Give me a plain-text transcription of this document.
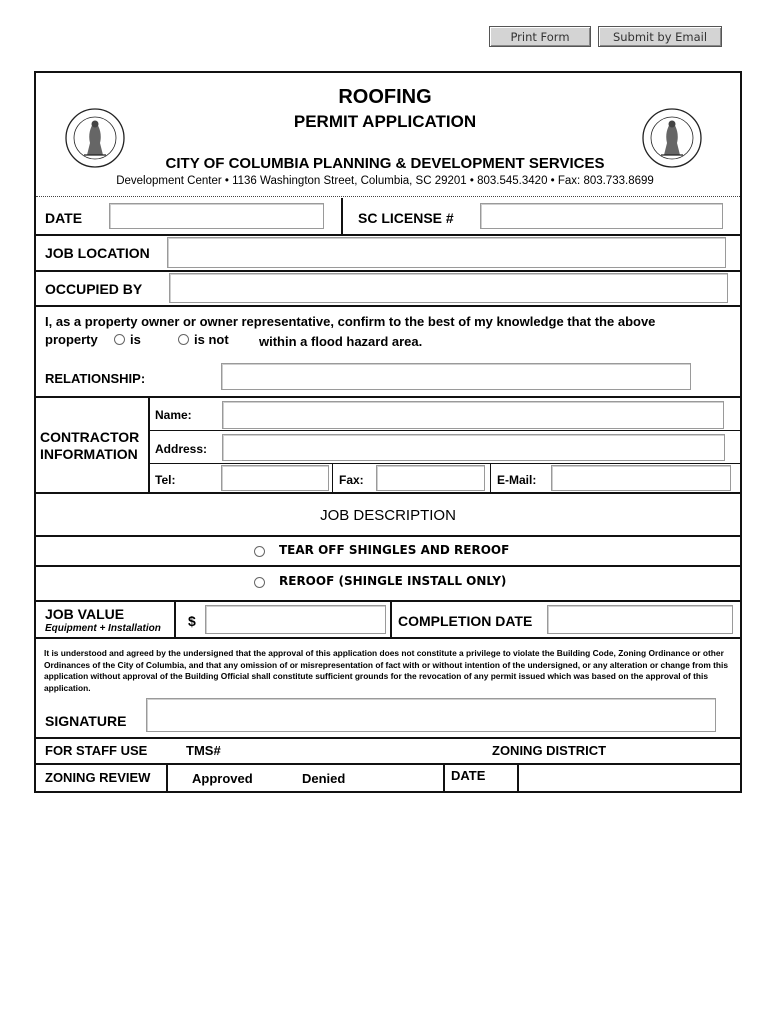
Print Form	Submit by Email
ROOFING
PERMIT APPLICATION
CITY OF COLUMBIA PLANNING & DEVELOPMENT SERVICES
Development Center • 1136 Washington Street, Columbia, SC 29201 • 803.545.3420 • Fax: 803.733.8699
DATE	SC LICENSE #
JOB LOCATION
OCCUPIED BY
I, as a property owner or owner representative, confirm to the best of my knowledge that the above
property is	is not within a flood hazard area.
RELATIONSHIP:
CONTRACTOR
INFORMATION
Name:
Address:
Tel:	Fax:	E-Mail:
JOB DESCRIPTION
TEAR OFF SHINGLES AND REROOF
REROOF (SHINGLE INSTALL ONLY)
JOB VALUE
Equipment + Installation $	COMPLETION DATE
It is understood and agreed by the undersigned that the approval of this application does not constitute a privilege to violate the Building Code, Zoning Ordinance or other Ordinances of the City of Columbia, and that any omission of or misrepresentation of fact with or without intention of the undersigned, or any alteration or change from this application without approval of the Building Official shall constitute sufficient grounds for the revocation of any permit issued which was based on the approval of this application.
SIGNATURE
FOR STAFF USE	TMS#	ZONING DISTRICT
ZONING REVIEW	Approved	Denied	DATE
